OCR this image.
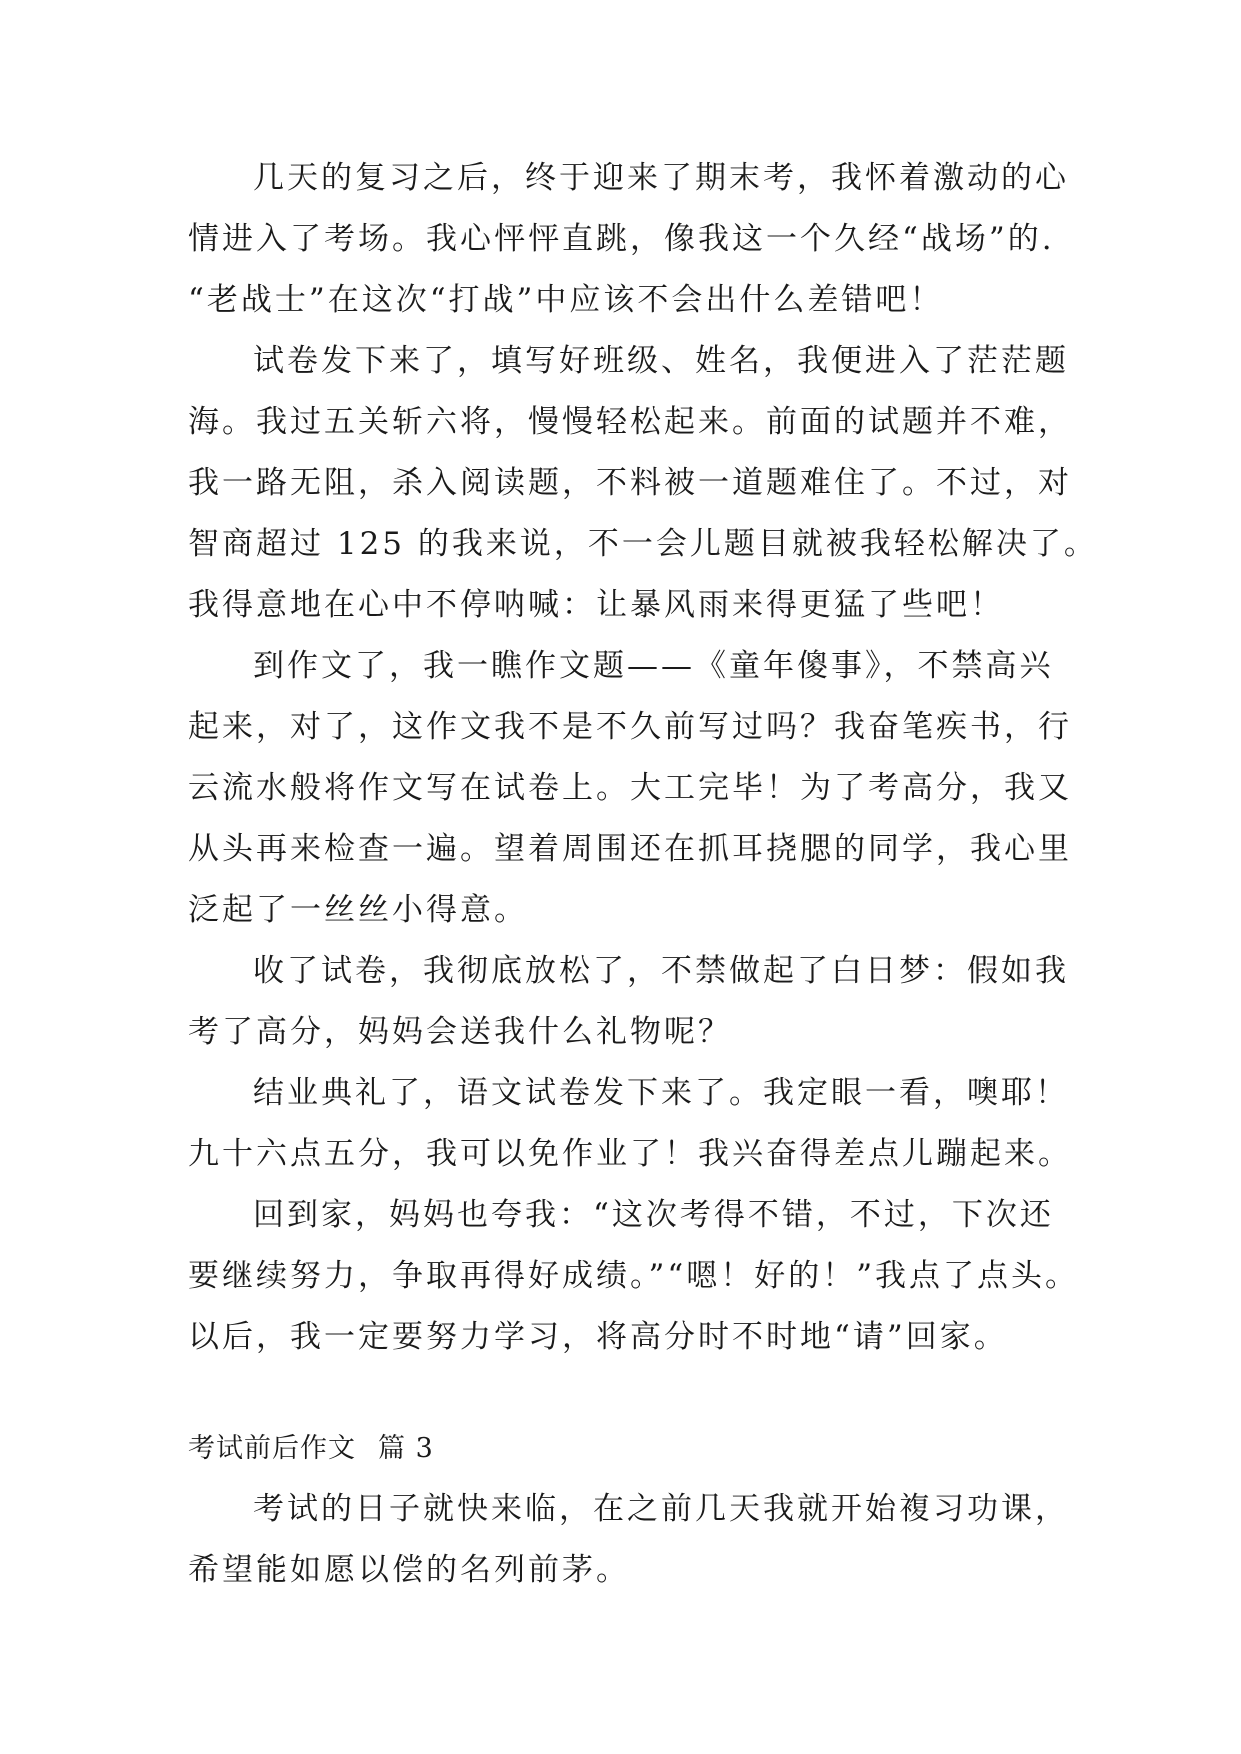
几天的复习之后，终于迎来了期末考，我怀着激动的心
情进入了考场。我心怦怦直跳，像我这一个久经“战场”的.
“老战士”在这次“打战”中应该不会出什么差错吧！
试卷发下来了，填写好班级、姓名，我便进入了茫茫题
海。我过五关斩六将，慢慢轻松起来。前面的试题并不难，
我一路无阻，杀入阅读题，不料被一道题难住了。不过，对
智商超过 125 的我来说，不一会儿题目就被我轻松解决了。
我得意地在心中不停呐喊：让暴风雨来得更猛了些吧！
到作文了，我一瞧作文题——《童年傻事》，不禁高兴
起来，对了，这作文我不是不久前写过吗？我奋笔疾书，行
云流水般将作文写在试卷上。大工完毕！为了考高分，我又
从头再来检查一遍。望着周围还在抓耳挠腮的同学，我心里
泛起了一丝丝小得意。
收了试卷，我彻底放松了，不禁做起了白日梦：假如我
考了高分，妈妈会送我什么礼物呢？
结业典礼了，语文试卷发下来了。我定眼一看，噢耶！
九十六点五分，我可以免作业了！我兴奋得差点儿蹦起来。
回到家，妈妈也夸我：“这次考得不错，不过，下次还
要继续努力，争取再得好成绩。”“嗯！好的！”我点了点头。
以后，我一定要努力学习，将高分时不时地“请”回家。
考试前后作文 篇 3
考试的日子就快来临，在之前几天我就开始複习功课，
希望能如愿以偿的名列前茅。
